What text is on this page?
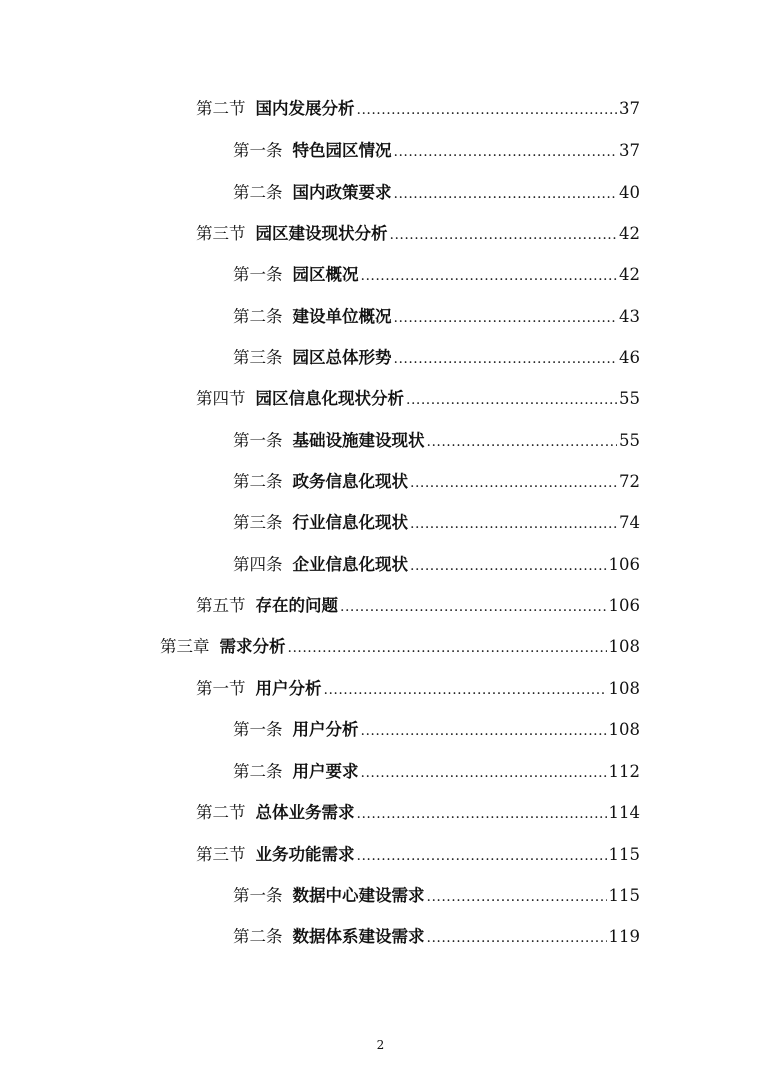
第二节 国内发展分析 .....	37
第一条 特色园区情况 .....	37
第二条 国内政策要求 .....	40
第三节 园区建设现状分析 .....	42
第一条 园区概况 .....	42
第二条 建设单位概况 .....	43
第三条 园区总体形势 .....	46
第四节 园区信息化现状分析 .....	55
第一条 基础设施建设现状 .....	55
第二条 政务信息化现状 .....	72
第三条 行业信息化现状 .....	74
第四条 企业信息化现状 .....	106
第五节 存在的问题 .....	106
第三章 需求分析 .....	108
第一节 用户分析 .....	108
第一条 用户分析 .....	108
第二条 用户要求 .....	112
第二节 总体业务需求 .....	114
第三节 业务功能需求 .....	115
第一条 数据中心建设需求 .....	115
第二条 数据体系建设需求 .....	119
2
